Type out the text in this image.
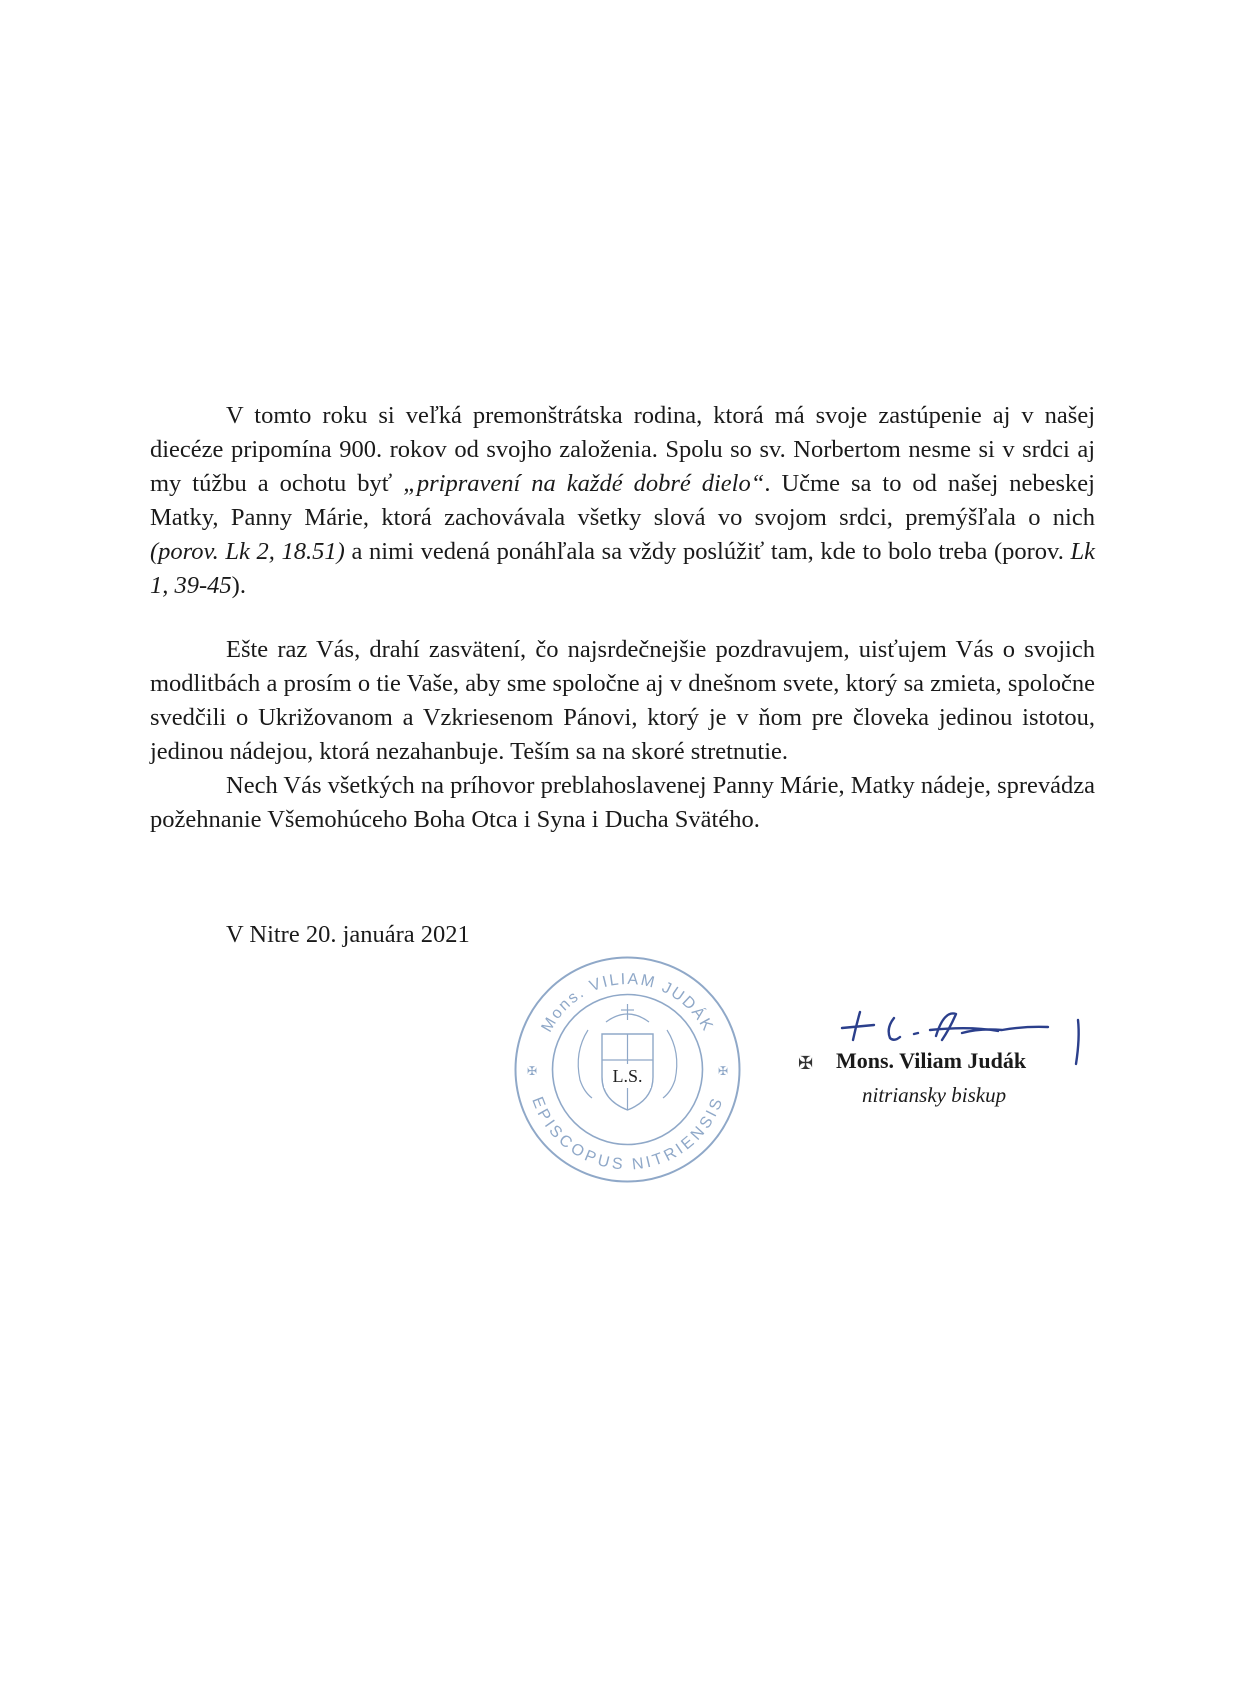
V tomto roku si veľká premonštrátska rodina, ktorá má svoje zastúpenie aj v našej diecéze pripomína 900. rokov od svojho založenia. Spolu so sv. Norbertom nesme si v srdci aj my túžbu a ochotu byť „pripravení na každé dobré dielo“. Učme sa to od našej nebeskej Matky, Panny Márie, ktorá zachovávala všetky slová vo svojom srdci, premýšľala o nich (porov. Lk 2, 18.51) a nimi vedená ponáhľala sa vždy poslúžiť tam, kde to bolo treba (porov. Lk 1, 39-45).

Ešte raz Vás, drahí zasvätení, čo najsrdečnejšie pozdravujem, uisťujem Vás o svojich modlitbách a prosím o tie Vaše, aby sme spoločne aj v dnešnom svete, ktorý sa zmieta, spoločne svedčili o Ukrižovanom a Vzkriesenom Pánovi, ktorý je v ňom pre človeka jedinou istotou, jedinou nádejou, ktorá nezahanbuje. Teším sa na skoré stretnutie.

Nech Vás všetkých na príhovor preblahoslavenej Panny Márie, Matky nádeje, sprevádza požehnanie Všemohúceho Boha Otca i Syna i Ducha Svätého.

V Nitre 20. januára 2021
✠	✠
Mons. VILIAM JUDÁK
EPISCOPUS NITRIENSIS
L.S.
✠ Mons. Viliam Judák
nitriansky biskup
